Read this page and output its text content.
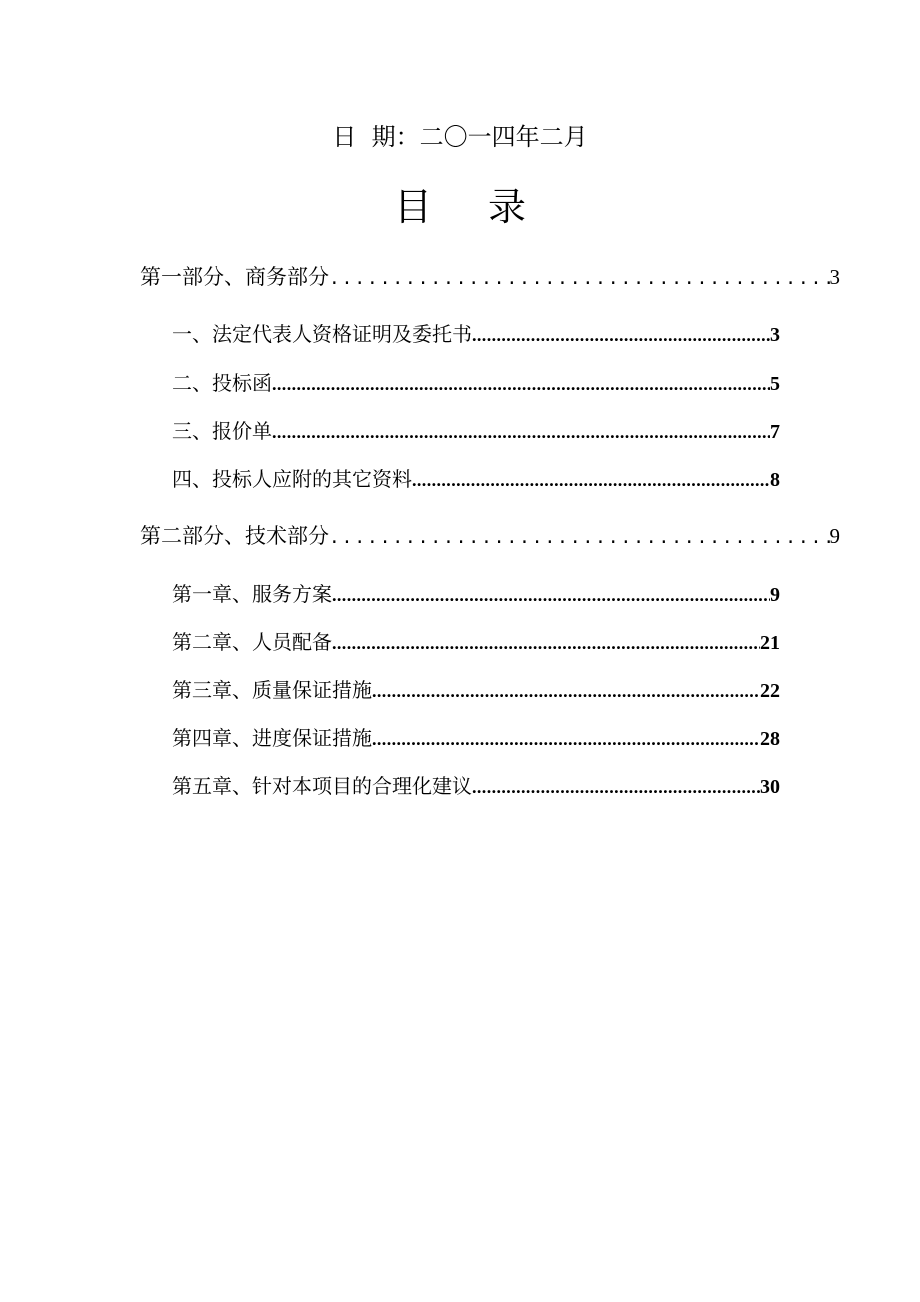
日  期：二〇一四年二月
目录
第一部分、商务部分 .....	3
一、法定代表人资格证明及委托书 .....	3
二、投标函 .....	5
三、报价单 .....	7
四、投标人应附的其它资料 .....	8
第二部分、技术部分 .....	9
第一章、服务方案 .....	9
第二章、人员配备 .....	21
第三章、质量保证措施 .....	22
第四章、进度保证措施 .....	28
第五章、针对本项目的合理化建议 .....	30
